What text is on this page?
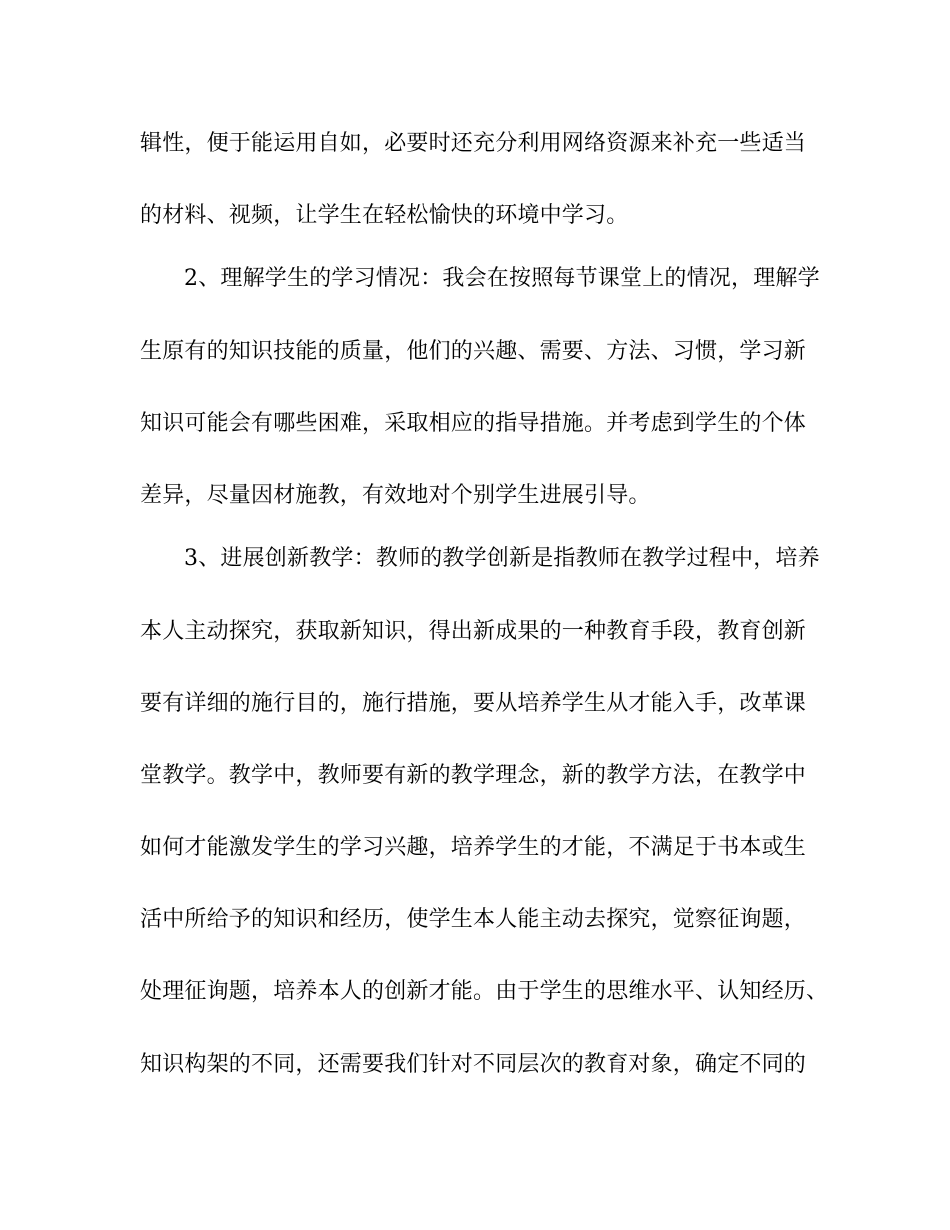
辑性，便于能运用自如，必要时还充分利用网络资源来补充一些适当
的材料、视频，让学生在轻松愉快的环境中学习。
2、理解学生的学习情况：我会在按照每节课堂上的情况，理解学
生原有的知识技能的质量，他们的兴趣、需要、方法、习惯，学习新
知识可能会有哪些困难，采取相应的指导措施。并考虑到学生的个体
差异，尽量因材施教，有效地对个别学生进展引导。
3、进展创新教学：教师的教学创新是指教师在教学过程中，培养
本人主动探究，获取新知识，得出新成果的一种教育手段，教育创新
要有详细的施行目的，施行措施，要从培养学生从才能入手，改革课
堂教学。教学中，教师要有新的教学理念，新的教学方法，在教学中
如何才能激发学生的学习兴趣，培养学生的才能，不满足于书本或生
活中所给予的知识和经历，使学生本人能主动去探究，觉察征询题，
处理征询题，培养本人的创新才能。由于学生的思维水平、认知经历、
知识构架的不同，还需要我们针对不同层次的教育对象，确定不同的
